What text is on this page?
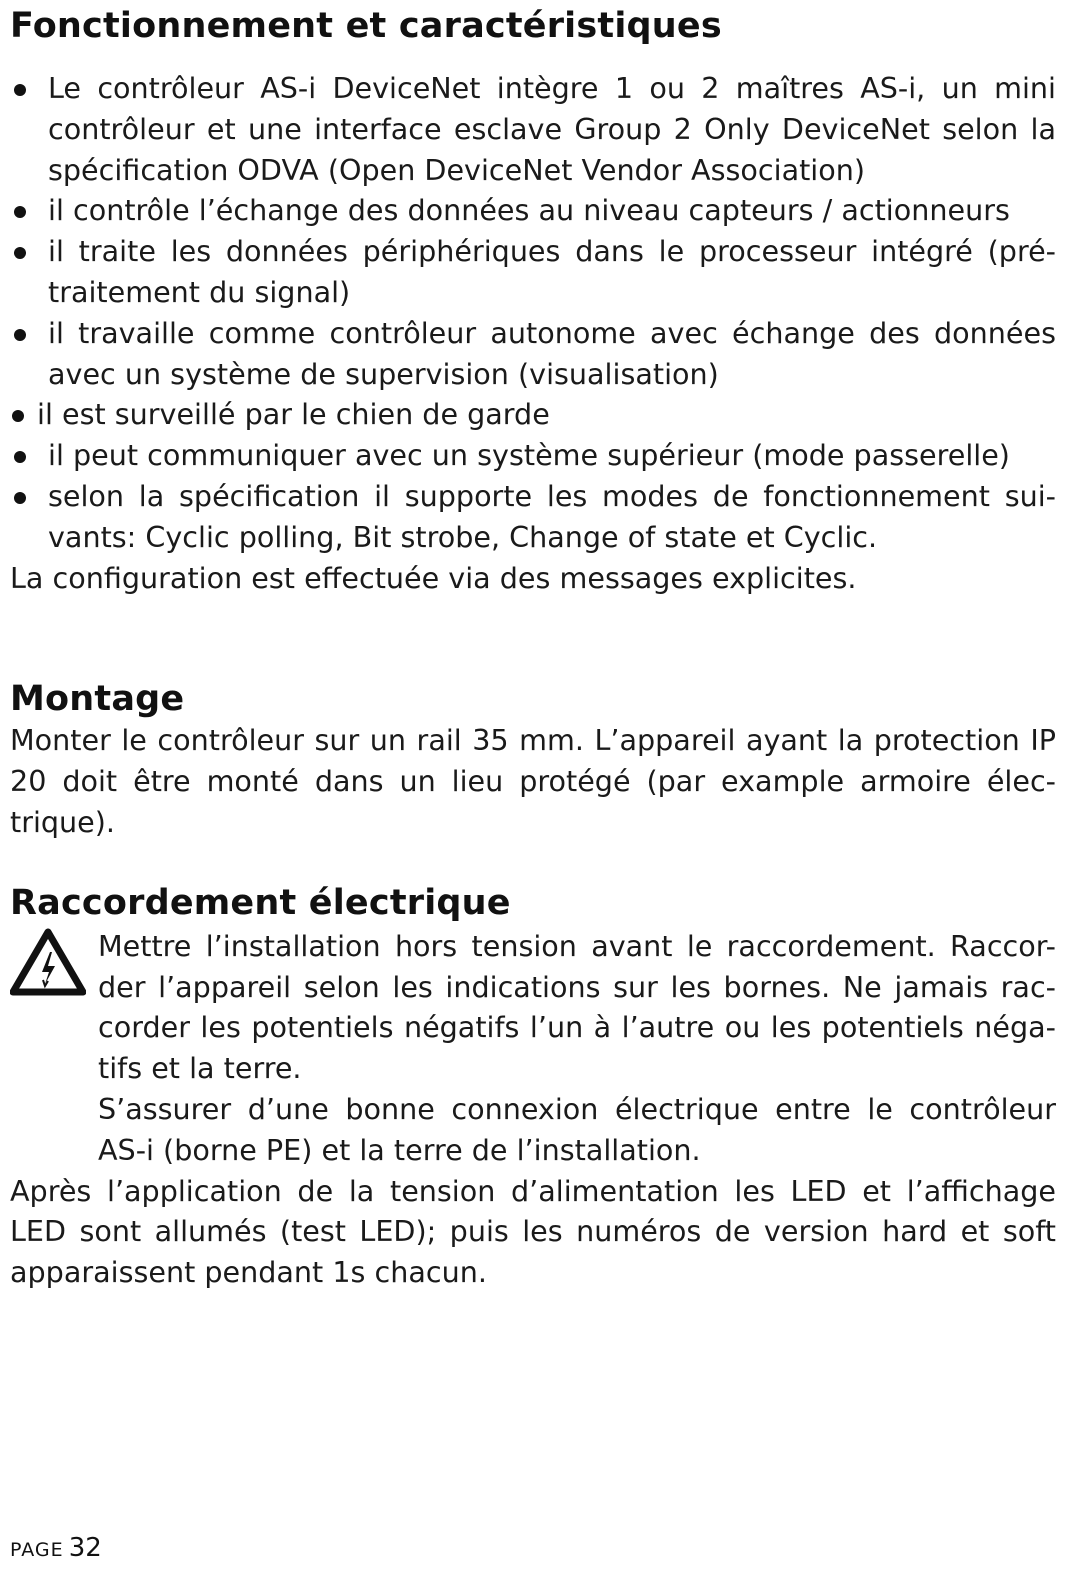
Fonctionnement et caractéristiques
Le contrôleur AS-i DeviceNet intègre 1 ou 2 maîtres AS-i, un mini contrôleur et une interface esclave Group 2 Only DeviceNet selon la spécification ODVA (Open DeviceNet Vendor Association)
il contrôle l’échange des données au niveau capteurs / actionneurs
il traite les données périphériques dans le processeur intégré (pré-traitement du signal)
il travaille comme contrôleur autonome avec échange des données avec un système de supervision (visualisation)
il est surveillé par le chien de garde
il peut communiquer avec un système supérieur (mode passerelle)
selon la spécification il supporte les modes de fonctionnement sui-vants: Cyclic polling, Bit strobe, Change of state et Cyclic.

La configuration est effectuée via des messages explicites.

Montage

Monter le contrôleur sur un rail 35 mm. L’appareil ayant la protection IP 20 doit être monté dans un lieu protégé (par example armoire élec-trique).

Raccordement électrique

Mettre l’installation hors tension avant le raccordement. Raccor-der l’appareil selon les indications sur les bornes. Ne jamais rac-corder les potentiels négatifs l’un à l’autre ou les potentiels néga-tifs et la terre.

S’assurer d’une bonne connexion électrique entre le contrôleur AS-i (borne PE) et la terre de l’installation.

Après l’application de la tension d’alimentation les LED et l’affichage LED sont allumés (test LED); puis les numéros de version hard et soft apparaissent pendant 1s chacun.

PAGE 32
